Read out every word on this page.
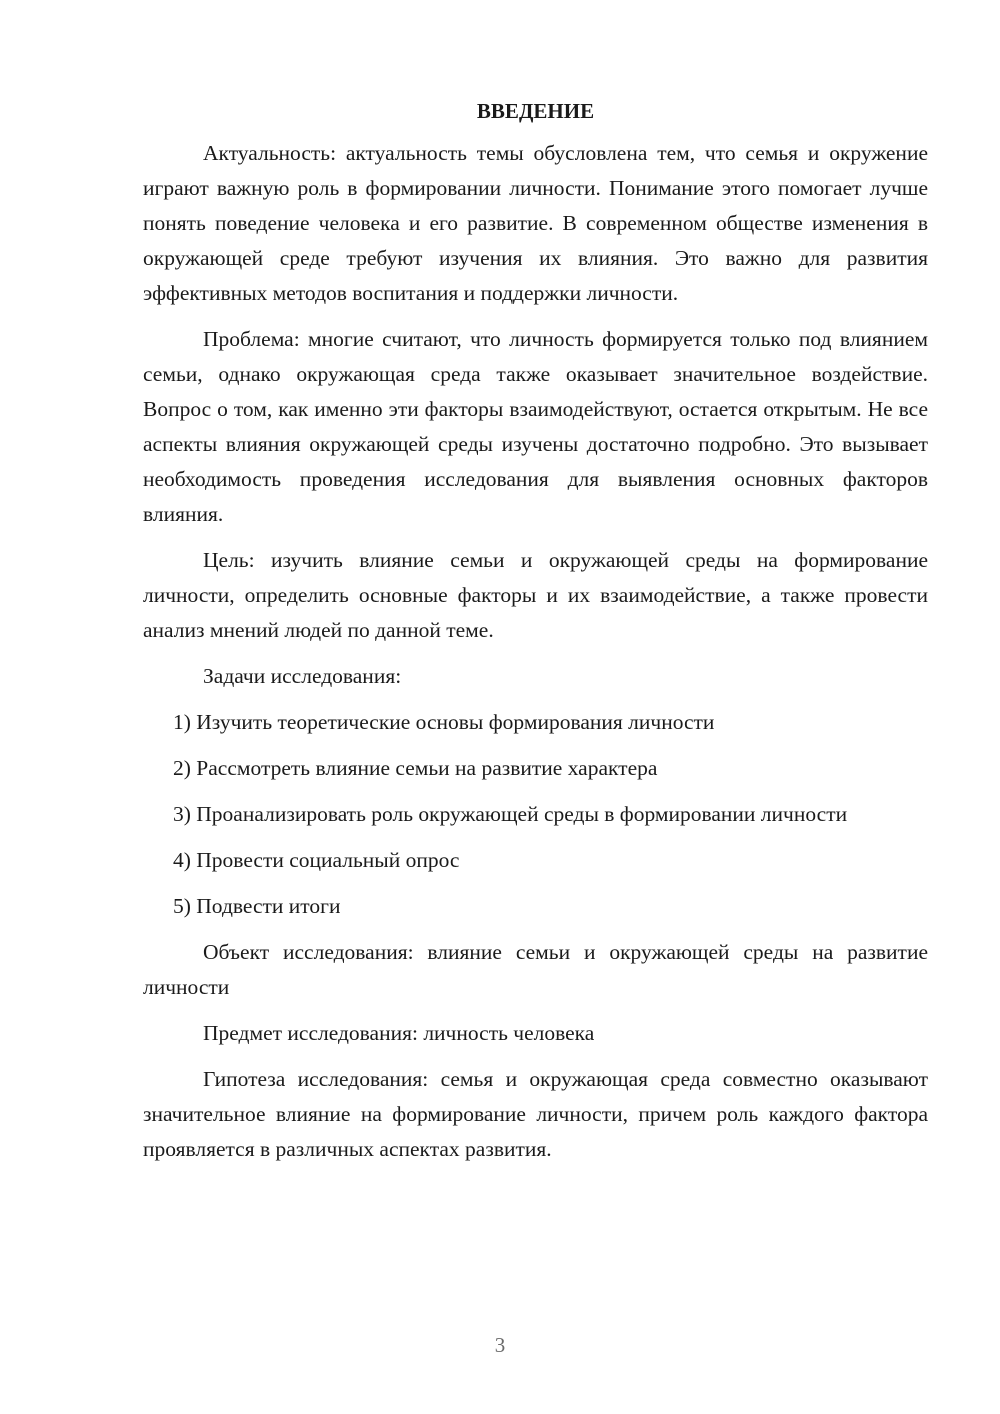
ВВЕДЕНИЕ

Актуальность: актуальность темы обусловлена тем, что семья и окружение играют важную роль в формировании личности. Понимание этого помогает лучше понять поведение человека и его развитие. В современном обществе изменения в окружающей среде требуют изучения их влияния. Это важно для развития эффективных методов воспитания и поддержки личности.

Проблема: многие считают, что личность формируется только под влиянием семьи, однако окружающая среда также оказывает значительное воздействие. Вопрос о том, как именно эти факторы взаимодействуют, остается открытым. Не все аспекты влияния окружающей среды изучены достаточно подробно. Это вызывает необходимость проведения исследования для выявления основных факторов влияния.

Цель: изучить влияние семьи и окружающей среды на формирование личности, определить основные факторы и их взаимодействие, а также провести анализ мнений людей по данной теме.

Задачи исследования:

1) Изучить теоретические основы формирования личности

2) Рассмотреть влияние семьи на развитие характера

3) Проанализировать роль окружающей среды в формировании личности

4) Провести социальный опрос

5) Подвести итоги

Объект исследования: влияние семьи и окружающей среды на развитие личности

Предмет исследования: личность человека

Гипотеза исследования: семья и окружающая среда совместно оказывают значительное влияние на формирование личности, причем роль каждого фактора проявляется в различных аспектах развития.

3
